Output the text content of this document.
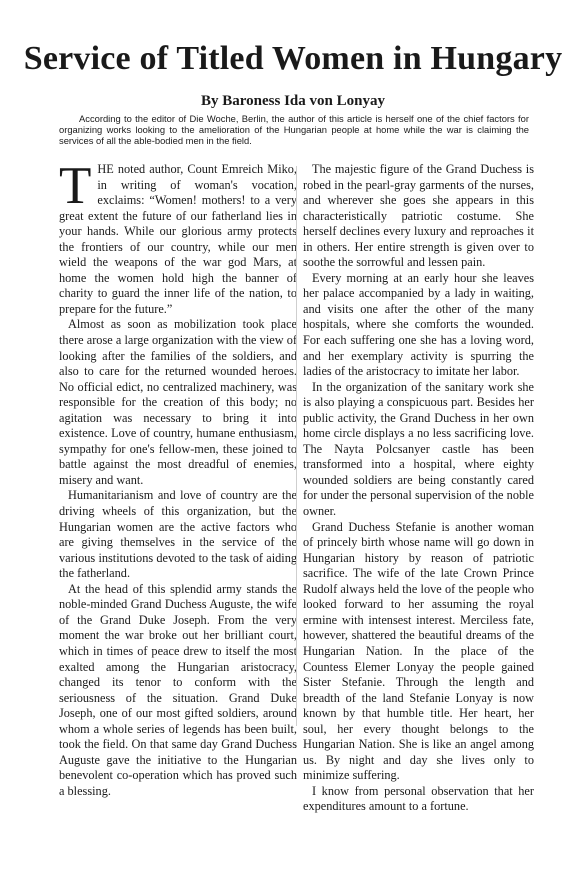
Service of Titled Women in Hungary
By Baroness Ida von Lonyay
According to the editor of Die Woche, Berlin, the author of this article is herself one of the chief factors for organizing works looking to the amelioration of the Hungarian people at home while the war is claiming the services of all the able-bodied men in the field.

THE noted author, Count Emreich Miko, in writing of woman's vocation, exclaims: “Women! mothers! to a very great extent the future of our fatherland lies in your hands. While our glorious army protects the frontiers of our country, while our men wield the weapons of the war god Mars, at home the women hold high the banner of charity to guard the inner life of the nation, to prepare for the future.”

Almost as soon as mobilization took place there arose a large organization with the view of looking after the families of the soldiers, and also to care for the returned wounded heroes. No official edict, no centralized machinery, was responsible for the creation of this body; no agitation was necessary to bring it into existence. Love of country, humane enthusiasm, sympathy for one's fellow-men, these joined to battle against the most dreadful of enemies, misery and want.

Humanitarianism and love of country are the driving wheels of this organization, but the Hungarian women are the active factors who are giving themselves in the service of the various institutions devoted to the task of aiding the fatherland.

At the head of this splendid army stands the noble-minded Grand Duchess Auguste, the wife of the Grand Duke Joseph. From the very moment the war broke out her brilliant court, which in times of peace drew to itself the most exalted among the Hungarian aristocracy, changed its tenor to conform with the seriousness of the situation. Grand Duke Joseph, one of our most gifted soldiers, around whom a whole series of legends has been built, took the field. On that same day Grand Duchess Auguste gave the initiative to the Hungarian benevolent co-operation which has proved such a blessing.

The majestic figure of the Grand Duchess is robed in the pearl-gray garments of the nurses, and wherever she goes she appears in this characteristically patriotic costume. She herself declines every luxury and reproaches it in others. Her entire strength is given over to soothe the sorrowful and lessen pain.

Every morning at an early hour she leaves her palace accompanied by a lady in waiting, and visits one after the other of the many hospitals, where she comforts the wounded. For each suffering one she has a loving word, and her exemplary activity is spurring the ladies of the aristocracy to imitate her labor.

In the organization of the sanitary work she is also playing a conspicuous part. Besides her public activity, the Grand Duchess in her own home circle displays a no less sacrificing love. The Nayta Polcsanyer castle has been transformed into a hospital, where eighty wounded soldiers are being constantly cared for under the personal supervision of the noble owner.

Grand Duchess Stefanie is another woman of princely birth whose name will go down in Hungarian history by reason of patriotic sacrifice. The wife of the late Crown Prince Rudolf always held the love of the people who looked forward to her assuming the royal ermine with intensest interest. Merciless fate, however, shattered the beautiful dreams of the Hungarian Nation. In the place of the Countess Elemer Lonyay the people gained Sister Stefanie. Through the length and breadth of the land Stefanie Lonyay is now known by that humble title. Her heart, her soul, her every thought belongs to the Hungarian Nation. She is like an angel among us. By night and day she lives only to minimize suffering.

I know from personal observation that her expenditures amount to a fortune.
